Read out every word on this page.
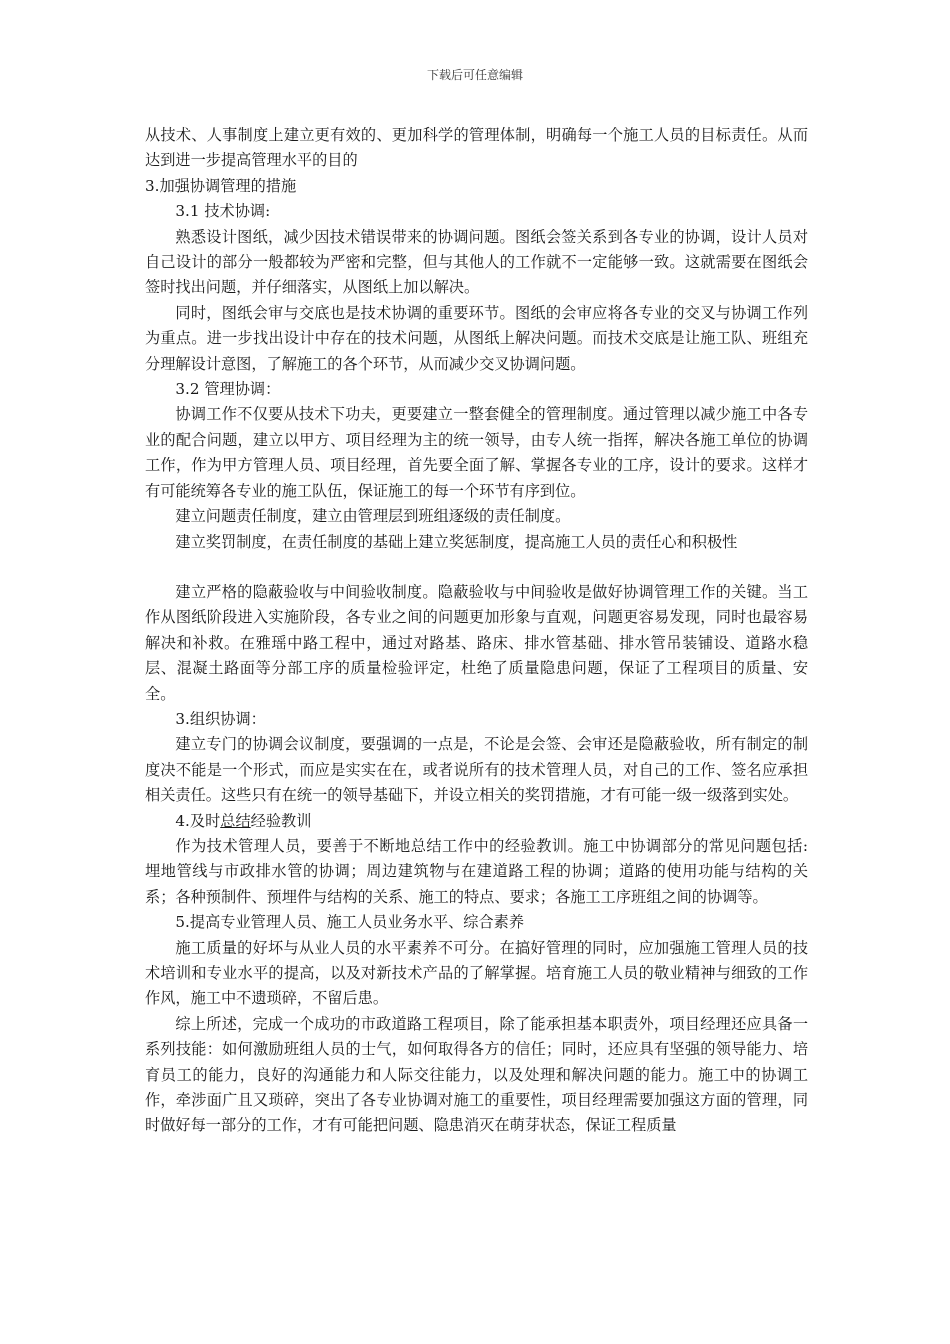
下载后可任意编辑

从技术、人事制度上建立更有效的、更加科学的管理体制，明确每一个施工人员的目标责任。从而达到进一步提高管理水平的目的

3.加强协调管理的措施

3.1 技术协调:

熟悉设计图纸，减少因技术错误带来的协调问题。图纸会签关系到各专业的协调，设计人员对自己设计的部分一般都较为严密和完整，但与其他人的工作就不一定能够一致。这就需要在图纸会签时找出问题，并仔细落实，从图纸上加以解决。

同时，图纸会审与交底也是技术协调的重要环节。图纸的会审应将各专业的交叉与协调工作列为重点。进一步找出设计中存在的技术问题，从图纸上解决问题。而技术交底是让施工队、班组充分理解设计意图，了解施工的各个环节，从而减少交叉协调问题。

3.2 管理协调：

协调工作不仅要从技术下功夫，更要建立一整套健全的管理制度。通过管理以减少施工中各专业的配合问题，建立以甲方、项目经理为主的统一领导，由专人统一指挥，解决各施工单位的协调工作，作为甲方管理人员、项目经理，首先要全面了解、掌握各专业的工序，设计的要求。这样才有可能统筹各专业的施工队伍，保证施工的每一个环节有序到位。

建立问题责任制度，建立由管理层到班组逐级的责任制度。

建立奖罚制度，在责任制度的基础上建立奖惩制度，提高施工人员的责任心和积极性

建立严格的隐蔽验收与中间验收制度。隐蔽验收与中间验收是做好协调管理工作的关键。当工作从图纸阶段进入实施阶段，各专业之间的问题更加形象与直观，问题更容易发现，同时也最容易解决和补救。在雅瑶中路工程中，通过对路基、路床、排水管基础、排水管吊装铺设、道路水稳层、混凝土路面等分部工序的质量检验评定，杜绝了质量隐患问题，保证了工程项目的质量、安全。

3.组织协调：

建立专门的协调会议制度，要强调的一点是，不论是会签、会审还是隐蔽验收，所有制定的制度决不能是一个形式，而应是实实在在，或者说所有的技术管理人员，对自己的工作、签名应承担相关责任。这些只有在统一的领导基础下，并设立相关的奖罚措施，才有可能一级一级落到实处。

4.及时总结经验教训

作为技术管理人员，要善于不断地总结工作中的经验教训。施工中协调部分的常见问题包括: 埋地管线与市政排水管的协调；周边建筑物与在建道路工程的协调；道路的使用功能与结构的关系；各种预制件、预埋件与结构的关系、施工的特点、要求；各施工工序班组之间的协调等。

5.提高专业管理人员、施工人员业务水平、综合素养

施工质量的好坏与从业人员的水平素养不可分。在搞好管理的同时，应加强施工管理人员的技术培训和专业水平的提高，以及对新技术产品的了解掌握。培育施工人员的敬业精神与细致的工作作风，施工中不遗琐碎，不留后患。

综上所述，完成一个成功的市政道路工程项目，除了能承担基本职责外，项目经理还应具备一系列技能：如何激励班组人员的士气，如何取得各方的信任；同时，还应具有坚强的领导能力、培育员工的能力，良好的沟通能力和人际交往能力，以及处理和解决问题的能力。施工中的协调工作，牵涉面广且又琐碎，突出了各专业协调对施工的重要性，项目经理需要加强这方面的管理，同时做好每一部分的工作，才有可能把问题、隐患消灭在萌芽状态，保证工程质量
